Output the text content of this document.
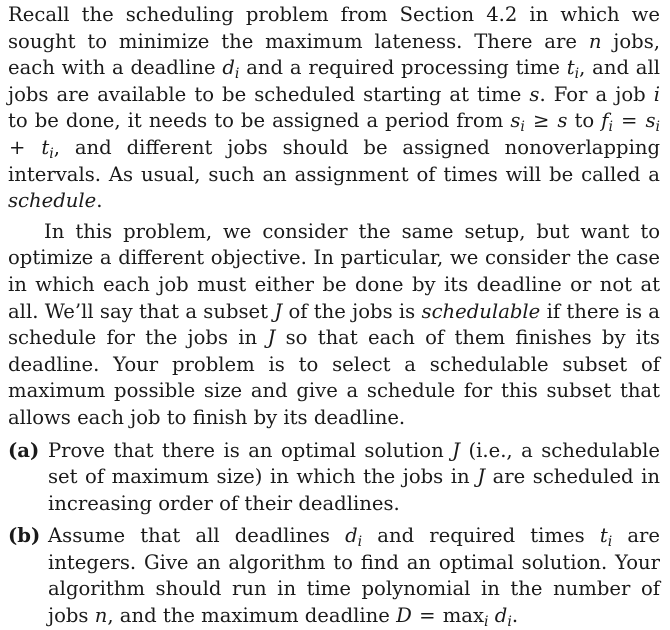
Recall the scheduling problem from Section 4.2 in which we sought to minimize the maximum lateness. There are n jobs, each with a deadline $d_i$ and a required processing time $t_i$, and all jobs are available to be scheduled starting at time s. For a job i to be done, it needs to be assigned a period from $s_i \ge s$ to $f_i = s_i + t_i$, and different jobs should be assigned nonoverlapping intervals. As usual, such an assignment of times will be called a schedule.

In this problem, we consider the same setup, but want to optimize a different objective. In particular, we consider the case in which each job must either be done by its deadline or not at all. We’ll say that a subset J of the jobs is schedulable if there is a schedule for the jobs in J so that each of them finishes by its deadline. Your problem is to select a schedulable subset of maximum possible size and give a schedule for this subset that allows each job to finish by its deadline.

(a) Prove that there is an optimal solution J (i.e., a schedulable set of maximum size) in which the jobs in J are scheduled in increasing order of their deadlines.
(b) Assume that all deadlines $d_i$ and required times $t_i$ are integers. Give an algorithm to find an optimal solution. Your algorithm should run in time polynomial in the number of jobs n, and the maximum deadline $D = \max_i d_i$.
